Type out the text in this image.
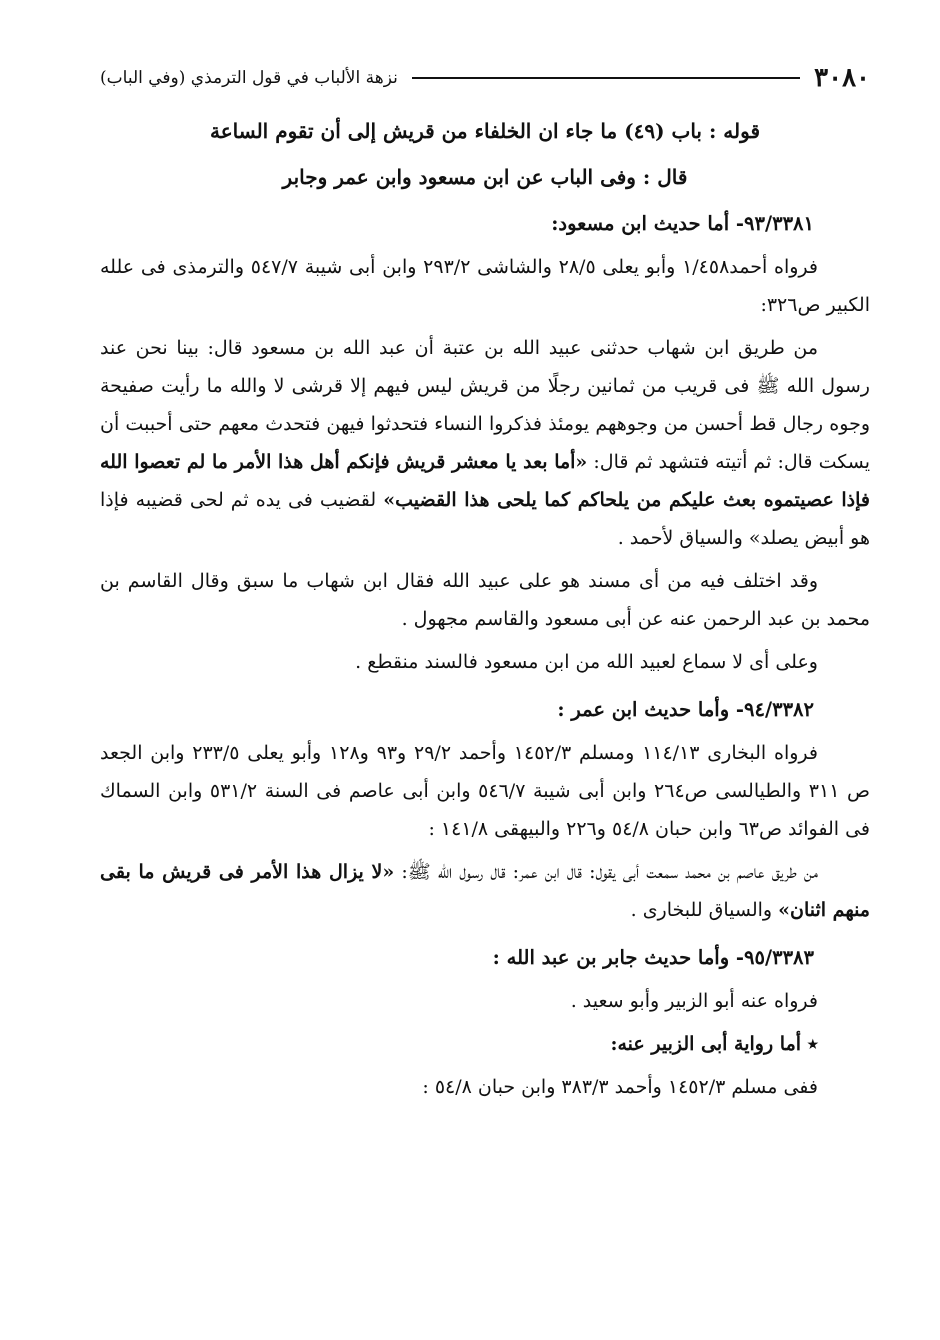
٣٠٨٠
نزهة الألباب في قول الترمذي (وفي الباب)

قوله : باب (٤٩) ما جاء ان الخلفاء من قريش إلى أن تقوم الساعة

قال : وفى الباب عن ابن مسعود وابن عمر وجابر

٩٣/٣٣٨١- أما حديث ابن مسعود:

فرواه أحمد١/٤٥٨ وأبو يعلى ٢٨/٥ والشاشى ٢٩٣/٢ وابن أبى شيبة ٥٤٧/٧ والترمذى فى علله الكبير ص٣٢٦:

من طريق ابن شهاب حدثنى عبيد الله بن عتبة أن عبد الله بن مسعود قال: بينا نحن عند رسول الله ﷺ فى قريب من ثمانين رجلًا من قريش ليس فيهم إلا قرشى لا والله ما رأيت صفيحة وجوه رجال قط أحسن من وجوههم يومئذ فذكروا النساء فتحدثوا فيهن فتحدث معهم حتى أحببت أن يسكت قال: ثم أتيته فتشهد ثم قال: «أما بعد يا معشر قريش فإنكم أهل هذا الأمر ما لم تعصوا الله فإذا عصيتموه بعث عليكم من يلحاكم كما يلحى هذا القضيب» لقضيب فى يده ثم لحى قضيبه فإذا هو أبيض يصلد» والسياق لأحمد .

وقد اختلف فيه من أى مسند هو على عبيد الله فقال ابن شهاب ما سبق وقال القاسم بن محمد بن عبد الرحمن عنه عن أبى مسعود والقاسم مجهول .

وعلى أى لا سماع لعبيد الله من ابن مسعود فالسند منقطع .

٩٤/٣٣٨٢- وأما حديث ابن عمر :

فرواه البخارى ١١٤/١٣ ومسلم ١٤٥٢/٣ وأحمد ٢٩/٢ و٩٣ و١٢٨ وأبو يعلى ٢٣٣/٥ وابن الجعد ص ٣١١ والطيالسى ص٢٦٤ وابن أبى شيبة ٥٤٦/٧ وابن أبى عاصم فى السنة ٥٣١/٢ وابن السماك فى الفوائد ص٦٣ وابن حبان ٥٤/٨ و٢٢٦ والبيهقى ١٤١/٨ :

من طريق عاصم بن محمد سمعت أبى يقول: قال ابن عمر: قال رسول الله ﷺ: «لا يزال هذا الأمر فى قريش ما بقى منهم اثنان» والسياق للبخارى .

٩٥/٣٣٨٣- وأما حديث جابر بن عبد الله :

فرواه عنه أبو الزبير وأبو سعيد .

٭ أما رواية أبى الزبير عنه:

ففى مسلم ١٤٥٢/٣ وأحمد ٣٨٣/٣ وابن حبان ٥٤/٨ :
